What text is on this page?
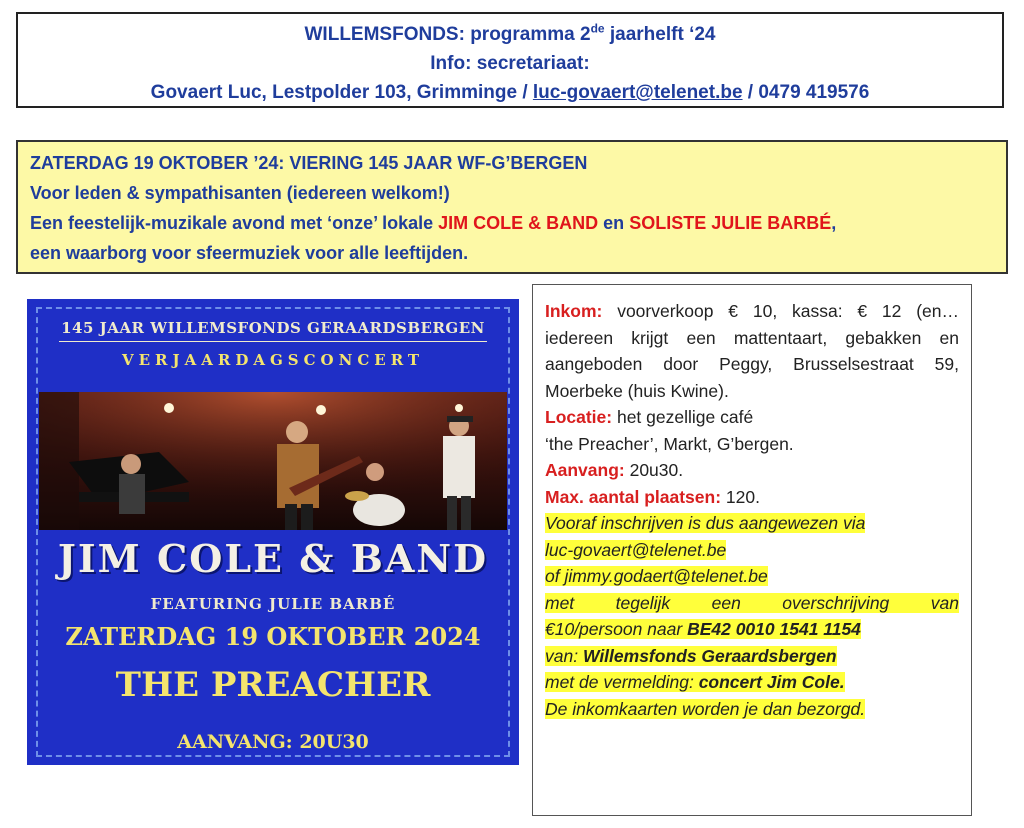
WILLEMSFONDS: programma 2de jaarhelft ‘24
Info: secretariaat:
Govaert Luc, Lestpolder 103, Grimminge / luc-govaert@telenet.be / 0479 419576
ZATERDAG 19 OKTOBER ’24: VIERING 145 JAAR WF-G’BERGEN
Voor leden & sympathisanten (iedereen welkom!)
Een feestelijk-muzikale avond met ‘onze’ lokale JIM COLE & BAND en SOLISTE JULIE BARBÉ,
een waarborg voor sfeermuziek voor alle leeftijden.
145 JAAR WILLEMSFONDS GERAARDSBERGEN
VERJAARDAGSCONCERT
JIM COLE & BAND
FEATURING JULIE BARBÉ
ZATERDAG 19 OKTOBER 2024
THE PREACHER
AANVANG: 20U30

Inkom: voorverkoop € 10, kassa: € 12 (en… iedereen krijgt een mattentaart, gebakken en aangeboden door Peggy, Brusselsestraat 59, Moerbeke (huis Kwine).

Locatie: het gezellige café

‘the Preacher’, Markt, G’bergen.

Aanvang: 20u30.

Max. aantal plaatsen: 120.

Vooraf inschrijven is dus aangewezen via

luc-govaert@telenet.be

of jimmy.godaert@telenet.be

met tegelijk een overschrijving van

€10/persoon naar BE42 0010 1541 1154

van: Willemsfonds Geraardsbergen

met de vermelding: concert Jim Cole.

De inkomkaarten worden je dan bezorgd.
